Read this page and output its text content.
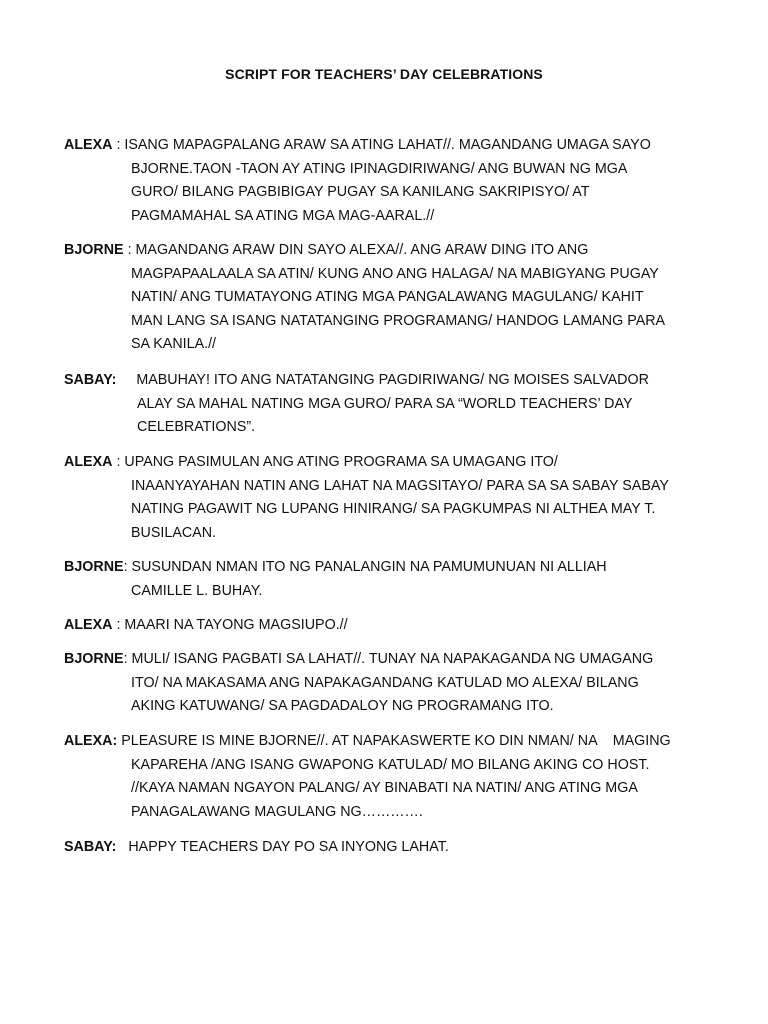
SCRIPT FOR TEACHERS’ DAY CELEBRATIONS
ALEXA : ISANG MAPAGPALANG ARAW SA ATING LAHAT//. MAGANDANG UMAGA SAYO
BJORNE.TAON -TAON AY ATING IPINAGDIRIWANG/ ANG BUWAN NG MGA
GURO/ BILANG PAGBIBIGAY PUGAY SA KANILANG SAKRIPISYO/ AT
PAGMAMAHAL SA ATING MGA MAG-AARAL.//
BJORNE : MAGANDANG ARAW DIN SAYO ALEXA//. ANG ARAW DING ITO ANG
MAGPAPAALAALA SA ATIN/ KUNG ANO ANG HALAGA/ NA MABIGYANG PUGAY
NATIN/ ANG TUMATAYONG ATING MGA PANGALAWANG MAGULANG/ KAHIT
MAN LANG SA ISANG NATATANGING PROGRAMANG/ HANDOG LAMANG PARA
SA KANILA.//
SABAY: MABUHAY! ITO ANG NATATANGING PAGDIRIWANG/ NG MOISES SALVADOR
ALAY SA MAHAL NATING MGA GURO/ PARA SA “WORLD TEACHERS’ DAY
CELEBRATIONS”.
ALEXA : UPANG PASIMULAN ANG ATING PROGRAMA SA UMAGANG ITO/
INAANYAYAHAN NATIN ANG LAHAT NA MAGSITAYO/ PARA SA SA SABAY SABAY
NATING PAGAWIT NG LUPANG HINIRANG/ SA PAGKUMPAS NI ALTHEA MAY T.
BUSILACAN.
BJORNE: SUSUNDAN NMAN ITO NG PANALANGIN NA PAMUMUNUAN NI ALLIAH
CAMILLE L. BUHAY.
ALEXA : MAARI NA TAYONG MAGSIUPO.//
BJORNE: MULI/ ISANG PAGBATI SA LAHAT//. TUNAY NA NAPAKAGANDA NG UMAGANG
ITO/ NA MAKASAMA ANG NAPAKAGANDANG KATULAD MO ALEXA/ BILANG
AKING KATUWANG/ SA PAGDADALOY NG PROGRAMANG ITO.
ALEXA: PLEASURE IS MINE BJORNE//. AT NAPAKASWERTE KO DIN NMAN/ NA    MAGING
KAPAREHA /ANG ISANG GWAPONG KATULAD/ MO BILANG AKING CO HOST.
//KAYA NAMAN NGAYON PALANG/ AY BINABATI NA NATIN/ ANG ATING MGA
PANAGALAWANG MAGULANG NG………….
SABAY: HAPPY TEACHERS DAY PO SA INYONG LAHAT.
